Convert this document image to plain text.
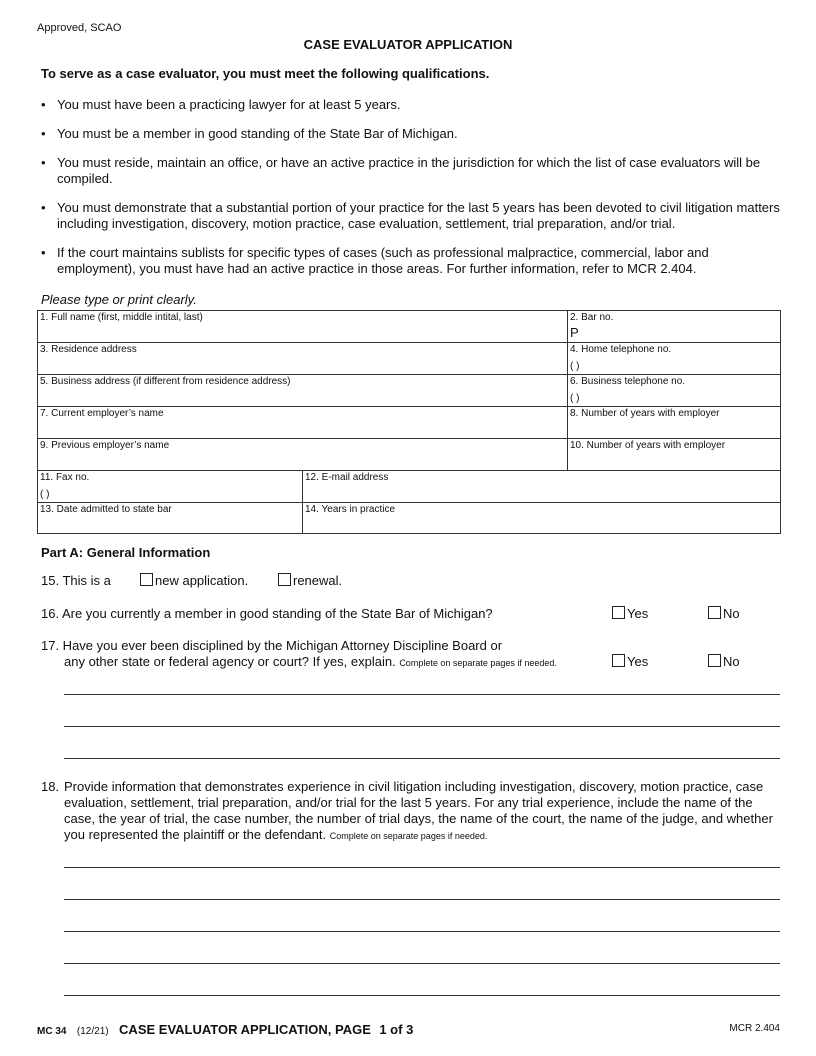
Approved, SCAO
CASE EVALUATOR APPLICATION
To serve as a case evaluator, you must meet the following qualifications.
• You must have been a practicing lawyer for at least 5 years.
• You must be a member in good standing of the State Bar of Michigan.
• You must reside, maintain an office, or have an active practice in the jurisdiction for which the list of case evaluators will be compiled.
• You must demonstrate that a substantial portion of your practice for the last 5 years has been devoted to civil litigation matters including investigation, discovery, motion practice, case evaluation, settlement, trial preparation, and/or trial.
• If the court maintains sublists for specific types of cases (such as professional malpractice, commercial, labor and employment), you must have had an active practice in those areas. For further information, refer to MCR 2.404.
Please type or print clearly.
1. Full name (first, middle intital, last)	2. Bar no.
P
3. Residence address	4. Home telephone no.
( )
5. Business address (if different from residence address)	6. Business telephone no.
( )
7. Current employer’s name	8. Number of years with employer
9. Previous employer’s name	10. Number of years with employer
11. Fax no.
( )
12. E-mail address
13. Date admitted to state bar	14. Years in practice
Part A: General Information
15. This is a	new application.	renewal.
16. Are you currently a member in good standing of the State Bar of Michigan?	Yes	No
17. Have you ever been disciplined by the Michigan Attorney Discipline Board or
any other state or federal agency or court? If yes, explain. Complete on separate pages if needed.	Yes	No
18. Provide information that demonstrates experience in civil litigation including investigation, discovery, motion practice, case evaluation, settlement, trial preparation, and/or trial for the last 5 years. For any trial experience, include the name of the case, the year of trial, the case number, the number of trial days, the name of the court, the name of the judge, and whether you represented the plaintiff or the defendant. Complete on separate pages if needed.
MC 34 (12/21) CASE EVALUATOR APPLICATION, PAGE 1 of 3	MCR 2.404
